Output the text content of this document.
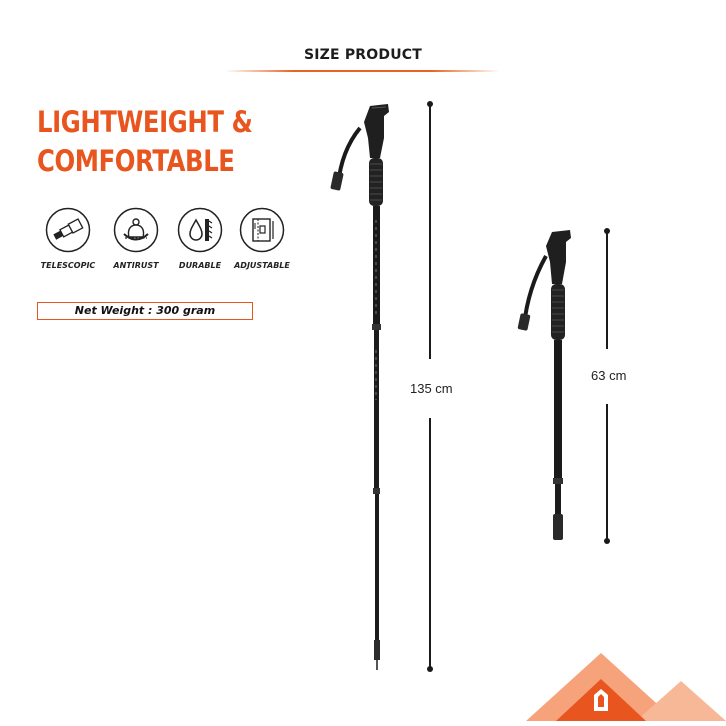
SIZE PRODUCT
LIGHTWEIGHT &
COMFORTABLE
TELESCOPIC	ANTIRUST	DURABLE	ADJUSTABLE
Net Weight : 300 gram
135 cm
63 cm
